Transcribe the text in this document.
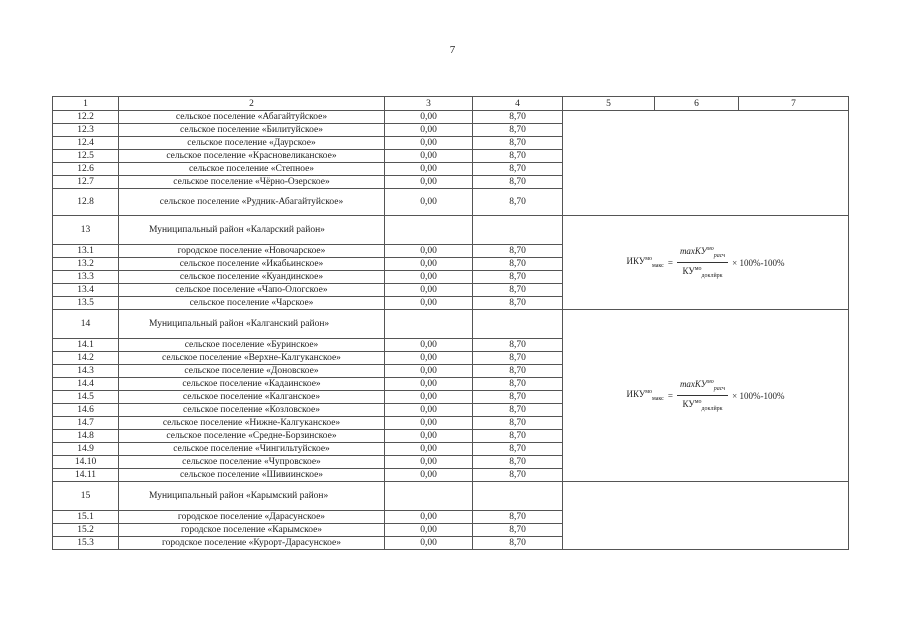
7
1	2	3	4	5	6	7
12.2	сельское поселение «Абагайтуйское»	0,00	8,70			
12.3	сельское поселение «Билитуйское»	0,00	8,70			
12.4	сельское поселение «Даурское»	0,00	8,70			
12.5	сельское поселение «Красновеликанское»	0,00	8,70			
12.6	сельское поселение «Степное»	0,00	8,70			
12.7	сельское поселение «Чёрно-Озерское»	0,00	8,70			
12.8	сельское поселение «Рудник-Абагайтуйское»	0,00	8,70			
13	Муниципальный район «Каларский район»			$ИКУ^{мо}_{макс} = \frac{\max КУ^{мо}_{расч}}{КУ^{мо}_{доклйрк}} \times 100\%-100\%$		

13.1	городское поселение «Новочарское»	0,00	8,70			
13.2	сельское поселение «Икабьинское»	0,00	8,70			
13.3	сельское поселение «Куандинское»	0,00	8,70			
13.4	сельское поселение «Чапо-Ологское»	0,00	8,70			
13.5	сельское поселение «Чарское»	0,00	8,70			
14	Муниципальный район «Калганский район»			$ИКУ^{мо}_{макс} = \frac{\max КУ^{мо}_{расч}}{КУ^{мо}_{доклйрк}} \times 100\%-100\%$		

14.1	сельское поселение «Буринское»	0,00	8,70			
14.2	сельское поселение «Верхне-Калгуканское»	0,00	8,70			
14.3	сельское поселение «Доновское»	0,00	8,70			
14.4	сельское поселение «Кадаинское»	0,00	8,70			
14.5	сельское поселение «Калганское»	0,00	8,70			
14.6	сельское поселение «Козловское»	0,00	8,70			
14.7	сельское поселение «Нижне-Калгуканское»	0,00	8,70			
14.8	сельское поселение «Средне-Борзинское»	0,00	8,70			
14.9	сельское поселение «Чингильтуйское»	0,00	8,70			
14.10	сельское поселение «Чупровское»	0,00	8,70			
14.11	сельское поселение «Шивиинское»	0,00	8,70			
15	Муниципальный район «Карымский район»					
15.1	городское поселение «Дарасунское»	0,00	8,70			
15.2	городское поселение «Карымское»	0,00	8,70			
15.3	городское поселение «Курорт-Дарасунское»	0,00	8,70			
